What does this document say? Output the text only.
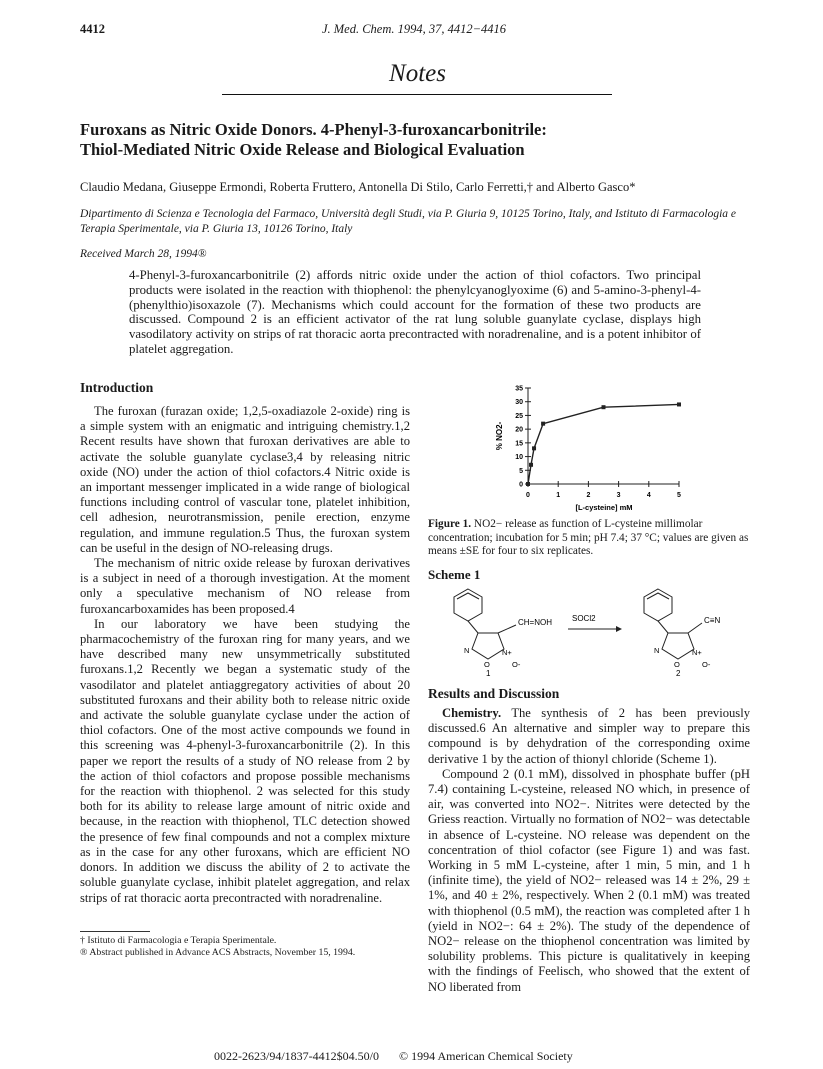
4412	J. Med. Chem. 1994, 37, 4412−4416
Notes
Furoxans as Nitric Oxide Donors. 4-Phenyl-3-furoxancarbonitrile:
Thiol-Mediated Nitric Oxide Release and Biological Evaluation
Claudio Medana, Giuseppe Ermondi, Roberta Fruttero, Antonella Di Stilo, Carlo Ferretti,† and Alberto Gasco*
Dipartimento di Scienza e Tecnologia del Farmaco, Università degli Studi, via P. Giuria 9, 10125 Torino, Italy, and Istituto di Farmacologia e Terapia Sperimentale, via P. Giuria 13, 10126 Torino, Italy
Received March 28, 1994®
4-Phenyl-3-furoxancarbonitrile (2) affords nitric oxide under the action of thiol cofactors. Two principal products were isolated in the reaction with thiophenol: the phenylcyanoglyoxime (6) and 5-amino-3-phenyl-4-(phenylthio)isoxazole (7). Mechanisms which could account for the formation of these two products are discussed. Compound 2 is an efficient activator of the rat lung soluble guanylate cyclase, displays high vasodilatory activity on strips of rat thoracic aorta precontracted with noradrenaline, and is a potent inhibitor of platelet aggregation.
Introduction

The furoxan (furazan oxide; 1,2,5-oxadiazole 2-oxide) ring is a simple system with an enigmatic and intriguing chemistry.1,2 Recent results have shown that furoxan derivatives are able to activate the soluble guanylate cyclase3,4 by releasing nitric oxide (NO) under the action of thiol cofactors.4 Nitric oxide is an important messenger implicated in a wide range of biological functions including control of vascular tone, platelet inhibition, cell adhesion, neurotransmission, penile erection, enzyme regulation, and immune regulation.5 Thus, the furoxan system can be useful in the design of NO-releasing drugs.

The mechanism of nitric oxide release by furoxan derivatives is a subject in need of a thorough investigation. At the moment only a speculative mechanism of NO release from furoxancarboxamides has been proposed.4

In our laboratory we have been studying the pharmacochemistry of the furoxan ring for many years, and we have described many new unsymmetrically substituted furoxans.1,2 Recently we began a systematic study of the vasodilator and platelet antiaggregatory activities of about 20 substituted furoxans and their ability both to release nitric oxide and activate the soluble guanylate cyclase under the action of thiol cofactors. One of the most active compounds we found in this screening was 4-phenyl-3-furoxancarbonitrile (2). In this paper we report the results of a study of NO release from 2 by the action of thiol cofactors and propose possible mechanisms for the reaction with thiophenol. 2 was selected for this study both for its ability to release large amount of nitric oxide and because, in the reaction with thiophenol, TLC detection showed the presence of few final compounds and not a complex mixture as in the case for any other furoxans, which are efficient NO donors. In addition we discuss the ability of 2 to activate the soluble guanylate cyclase, inhibit platelet aggregation, and relax strips of rat thoracic aorta precontracted with noradrenaline.

† Istituto di Farmacologia e Terapia Sperimentale.
® Abstract published in Advance ACS Abstracts, November 15, 1994.
0022-2623/94/1837-4412$04.50/0 © 1994 American Chemical Society
0
5
10
15
20
25
30
35
0	1	2	3	4	5
% NO2-
[L-cysteine] mM
Figure 1. NO2− release as function of L-cysteine millimolar concentration; incubation for 5 min; pH 7.4; 37 °C; values are given as means ±SE for four to six replicates.
Scheme 1
CH=NOH
N
O
N+
O-
1
SOCl2	C≡N
N
O
N+
O-
2
Results and Discussion

Chemistry. The synthesis of 2 has been previously discussed.6 An alternative and simpler way to prepare this compound is by dehydration of the corresponding oxime derivative 1 by the action of thionyl chloride (Scheme 1).

Compound 2 (0.1 mM), dissolved in phosphate buffer (pH 7.4) containing L-cysteine, released NO which, in presence of air, was converted into NO2−. Nitrites were detected by the Griess reaction. Virtually no formation of NO2− was detectable in absence of L-cysteine. NO release was dependent on the concentration of thiol cofactor (see Figure 1) and was fast. Working in 5 mM L-cysteine, after 1 min, 5 min, and 1 h (infinite time), the yield of NO2− released was 14 ± 2%, 29 ± 1%, and 40 ± 2%, respectively. When 2 (0.1 mM) was treated with thiophenol (0.5 mM), the reaction was completed after 1 h (yield in NO2−: 64 ± 2%). The study of the dependence of NO2− release on the thiophenol concentration was limited by solubility problems. This picture is qualitatively in keeping with the findings of Feelisch, who showed that the extent of NO liberated from
